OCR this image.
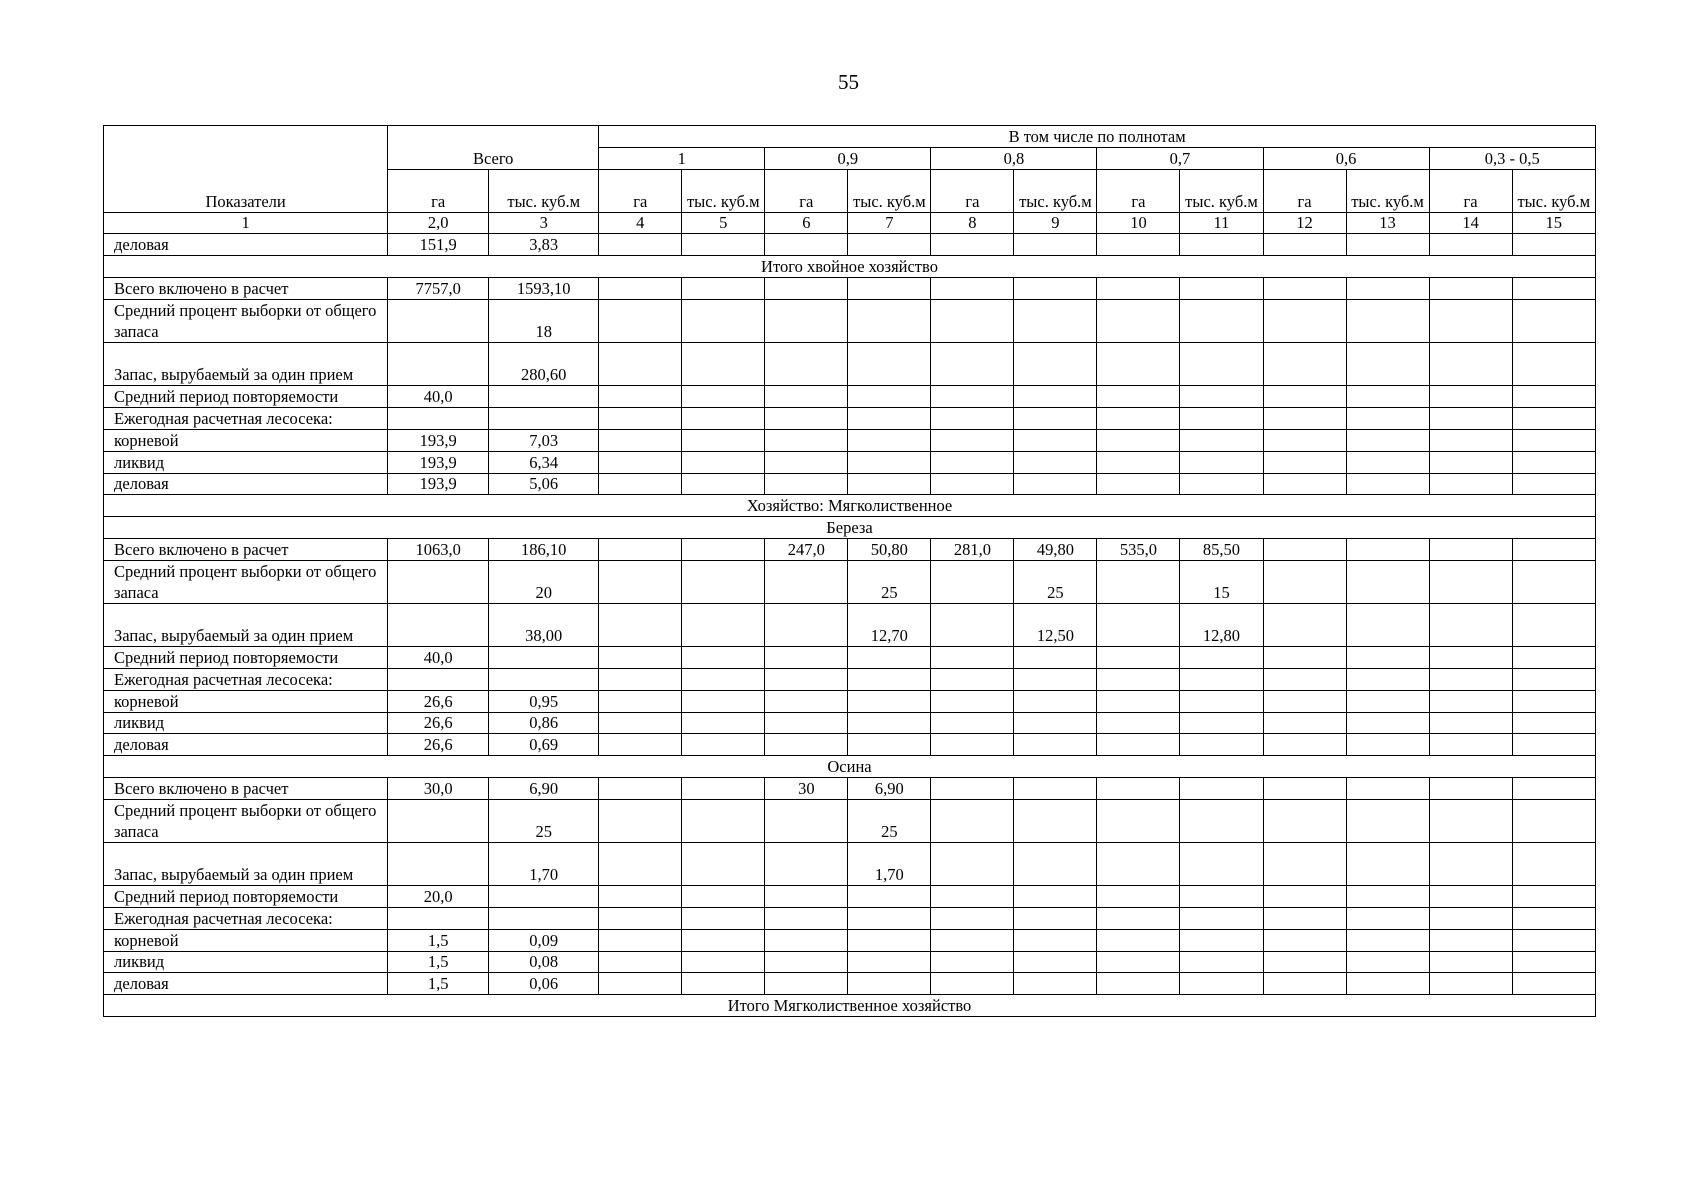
55
Показатели	Всего		В том числе по полнотам											
			1		0,9		0,8		0,7		0,6		0,3 - 0,5	
	га	тыс. куб.м	га	тыс. куб.м	га	тыс. куб.м	га	тыс. куб.м	га	тыс. куб.м	га	тыс. куб.м	га	тыс. куб.м
1	2,0	3	4	5	6	7	8	9	10	11	12	13	14	15
деловая	151,9	3,83												
Итого хвойное хозяйство														
Всего включено в расчет	7757,0	1593,10												
Средний процент выборки от общего запаса		18												
Запас, вырубаемый за один прием		280,60												
Средний период повторяемости	40,0													
Ежегодная расчетная лесосека:														
корневой	193,9	7,03												
ликвид	193,9	6,34												
деловая	193,9	5,06												
Хозяйство: Мягколиственное														
Береза														
Всего включено в расчет	1063,0	186,10			247,0	50,80	281,0	49,80	535,0	85,50				
Средний процент выборки от общего запаса		20				25		25		15				
Запас, вырубаемый за один прием		38,00				12,70		12,50		12,80				
Средний период повторяемости	40,0													
Ежегодная расчетная лесосека:														
корневой	26,6	0,95												
ликвид	26,6	0,86												
деловая	26,6	0,69												
Осина														
Всего включено в расчет	30,0	6,90			30	6,90								
Средний процент выборки от общего запаса		25				25								
Запас, вырубаемый за один прием		1,70				1,70								
Средний период повторяемости	20,0													
Ежегодная расчетная лесосека:														
корневой	1,5	0,09												
ликвид	1,5	0,08												
деловая	1,5	0,06												
Итого Мягколиственное хозяйство														
